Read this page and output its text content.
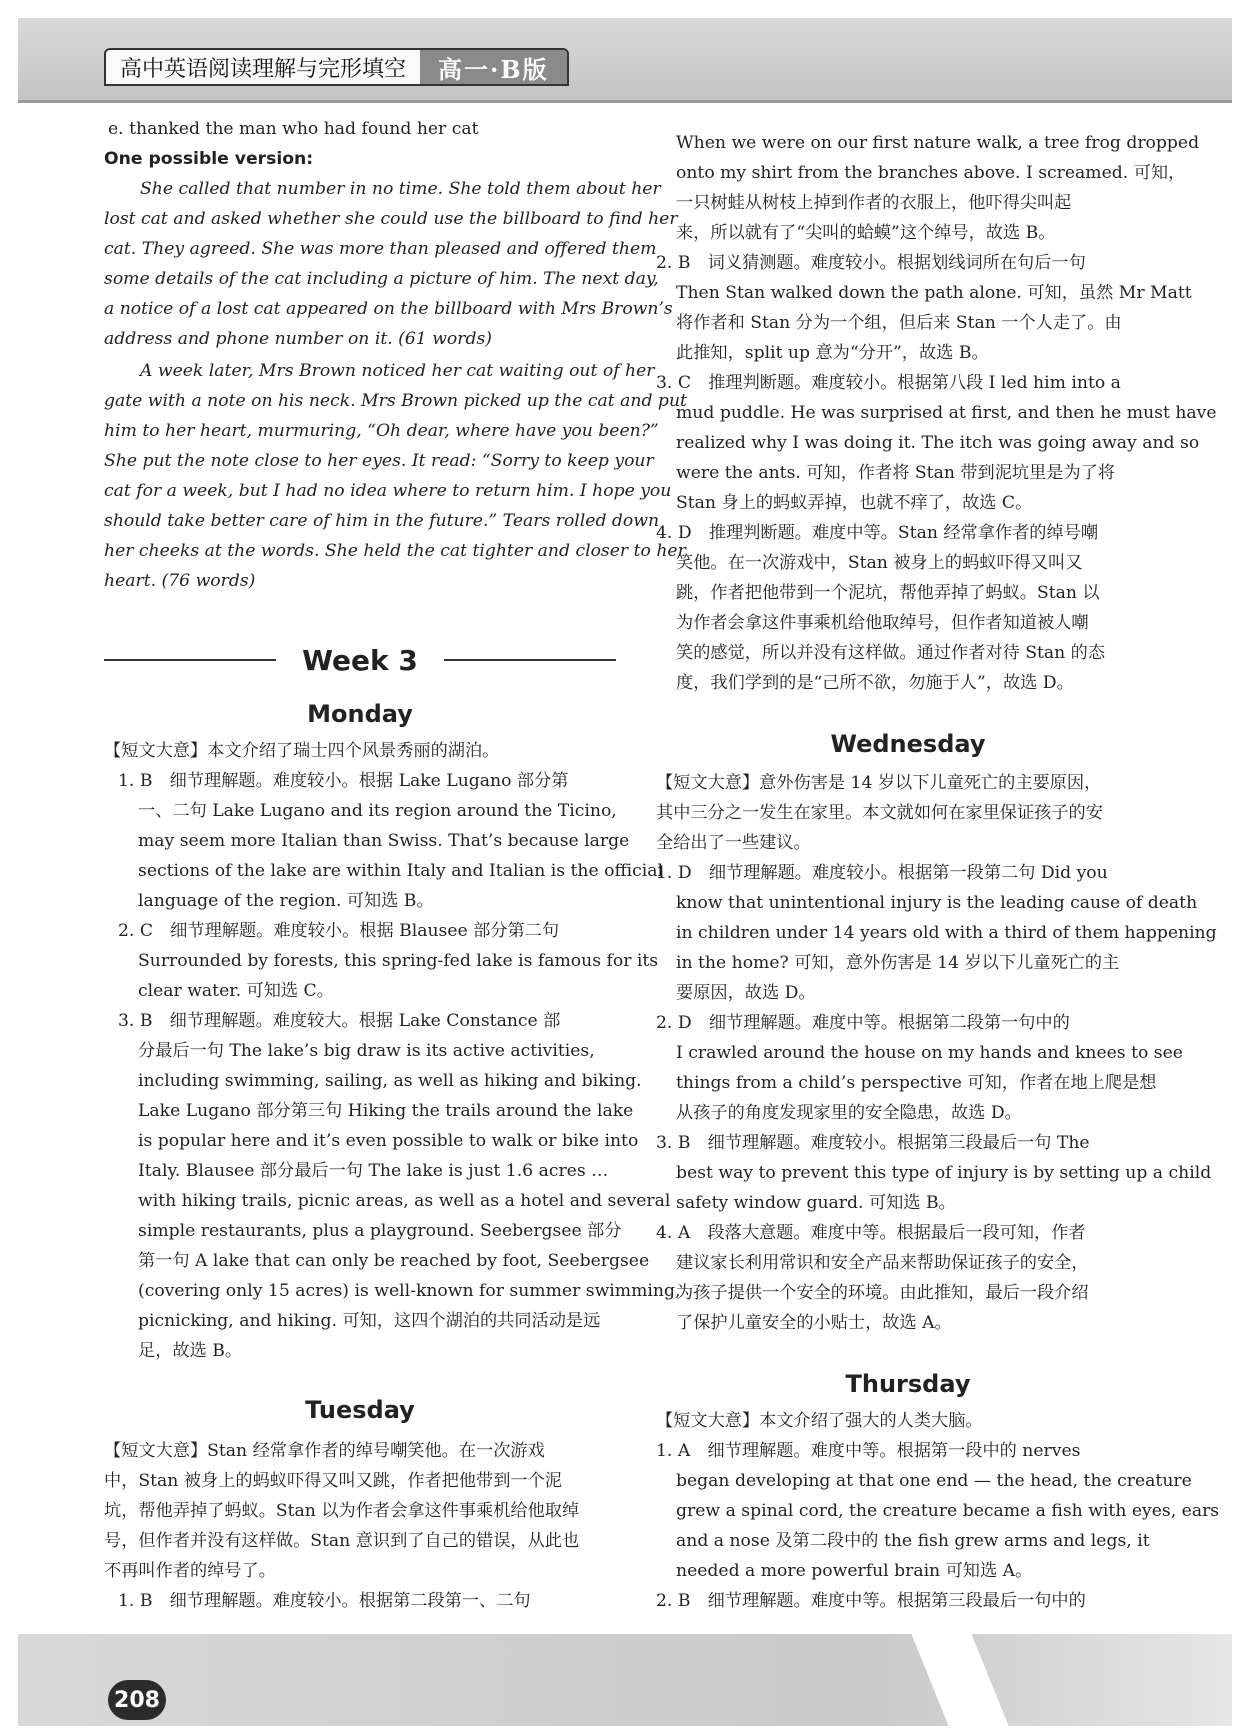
高中英语阅读理解与完形填空	高一·B版
e. thanked the man who had found her cat
One possible version:
She called that number in no time. She told them about her
lost cat and asked whether she could use the billboard to find her
cat. They agreed. She was more than pleased and offered them
some details of the cat including a picture of him. The next day,
a notice of a lost cat appeared on the billboard with Mrs Brown’s
address and phone number on it. (61 words)
A week later, Mrs Brown noticed her cat waiting out of her
gate with a note on his neck. Mrs Brown picked up the cat and put
him to her heart, murmuring, “Oh dear, where have you been?”
She put the note close to her eyes. It read: “Sorry to keep your
cat for a week, but I had no idea where to return him. I hope you
should take better care of him in the future.” Tears rolled down
her cheeks at the words. She held the cat tighter and closer to her
heart. (76 words)
Week 3
Monday
【短文大意】本文介绍了瑞士四个风景秀丽的湖泊。
1. B　细节理解题。难度较小。根据 Lake Lugano 部分第
一、二句 Lake Lugano and its region around the Ticino,
may seem more Italian than Swiss. That’s because large
sections of the lake are within Italy and Italian is the official
language of the region. 可知选 B。
2. C　细节理解题。难度较小。根据 Blausee 部分第二句
Surrounded by forests, this spring-fed lake is famous for its
clear water. 可知选 C。
3. B　细节理解题。难度较大。根据 Lake Constance 部
分最后一句 The lake’s big draw is its active activities,
including swimming, sailing, as well as hiking and biking.
Lake Lugano 部分第三句 Hiking the trails around the lake
is popular here and it’s even possible to walk or bike into
Italy. Blausee 部分最后一句 The lake is just 1.6 acres …
with hiking trails, picnic areas, as well as a hotel and several
simple restaurants, plus a playground. Seebergsee 部分
第一句 A lake that can only be reached by foot, Seebergsee
(covering only 15 acres) is well-known for summer swimming,
picnicking, and hiking. 可知，这四个湖泊的共同活动是远
足，故选 B。
Tuesday
【短文大意】Stan 经常拿作者的绰号嘲笑他。在一次游戏
中，Stan 被身上的蚂蚁吓得又叫又跳，作者把他带到一个泥
坑，帮他弄掉了蚂蚁。Stan 以为作者会拿这件事乘机给他取绰
号，但作者并没有这样做。Stan 意识到了自己的错误，从此也
不再叫作者的绰号了。
1. B　细节理解题。难度较小。根据第二段第一、二句
When we were on our first nature walk, a tree frog dropped
onto my shirt from the branches above. I screamed. 可知，
一只树蛙从树枝上掉到作者的衣服上，他吓得尖叫起
来，所以就有了“尖叫的蛤蟆”这个绰号，故选 B。
2. B　词义猜测题。难度较小。根据划线词所在句后一句
Then Stan walked down the path alone. 可知，虽然 Mr Matt
将作者和 Stan 分为一个组，但后来 Stan 一个人走了。由
此推知，split up 意为“分开”，故选 B。
3. C　推理判断题。难度较小。根据第八段 I led him into a
mud puddle. He was surprised at first, and then he must have
realized why I was doing it. The itch was going away and so
were the ants. 可知，作者将 Stan 带到泥坑里是为了将
Stan 身上的蚂蚁弄掉，也就不痒了，故选 C。
4. D　推理判断题。难度中等。Stan 经常拿作者的绰号嘲
笑他。在一次游戏中，Stan 被身上的蚂蚁吓得又叫又
跳，作者把他带到一个泥坑，帮他弄掉了蚂蚁。Stan 以
为作者会拿这件事乘机给他取绰号，但作者知道被人嘲
笑的感觉，所以并没有这样做。通过作者对待 Stan 的态
度，我们学到的是“己所不欲，勿施于人”，故选 D。
Wednesday
【短文大意】意外伤害是 14 岁以下儿童死亡的主要原因，
其中三分之一发生在家里。本文就如何在家里保证孩子的安
全给出了一些建议。
1. D　细节理解题。难度较小。根据第一段第二句 Did you
know that unintentional injury is the leading cause of death
in children under 14 years old with a third of them happening
in the home? 可知，意外伤害是 14 岁以下儿童死亡的主
要原因，故选 D。
2. D　细节理解题。难度中等。根据第二段第一句中的
I crawled around the house on my hands and knees to see
things from a child’s perspective 可知，作者在地上爬是想
从孩子的角度发现家里的安全隐患，故选 D。
3. B　细节理解题。难度较小。根据第三段最后一句 The
best way to prevent this type of injury is by setting up a child
safety window guard. 可知选 B。
4. A　段落大意题。难度中等。根据最后一段可知，作者
建议家长利用常识和安全产品来帮助保证孩子的安全，
为孩子提供一个安全的环境。由此推知，最后一段介绍
了保护儿童安全的小贴士，故选 A。
Thursday
【短文大意】本文介绍了强大的人类大脑。
1. A　细节理解题。难度中等。根据第一段中的 nerves
began developing at that one end — the head, the creature
grew a spinal cord, the creature became a fish with eyes, ears
and a nose 及第二段中的 the fish grew arms and legs, it
needed a more powerful brain 可知选 A。
2. B　细节理解题。难度中等。根据第三段最后一句中的
208
